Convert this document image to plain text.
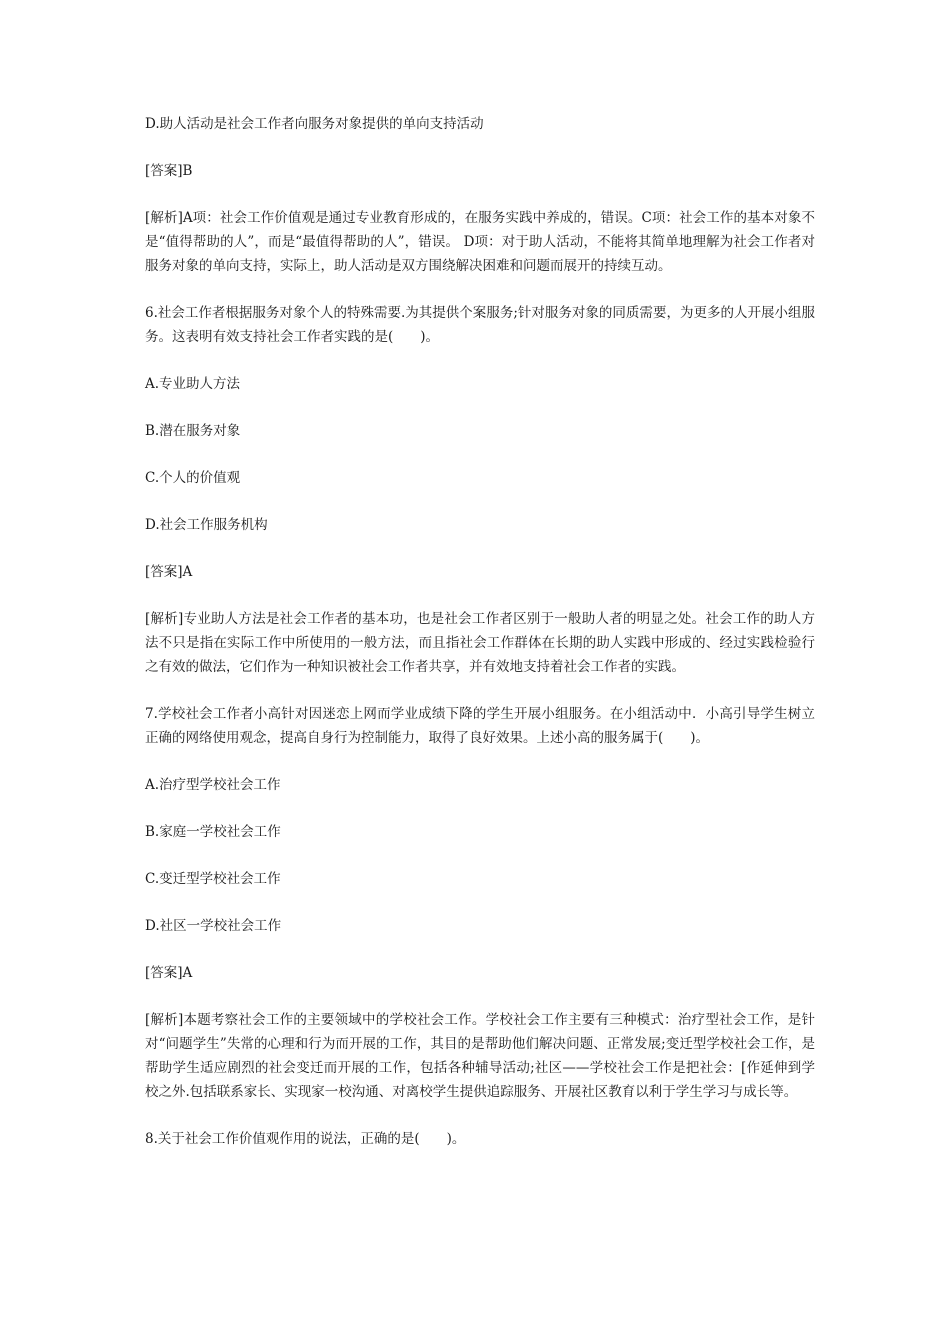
D.助人活动是社会工作者向服务对象提供的单向支持活动

[答案]B

[解析]A项：社会工作价值观是通过专业教育形成的，在服务实践中养成的，错误。C项：社会工作的基本对象不是“值得帮助的人”，而是“最值得帮助的人”，错误。 D项：对于助人活动，不能将其简单地理解为社会工作者对服务对象的单向支持，实际上，助人活动是双方围绕解决困难和问题而展开的持续互动。

6.社会工作者根据服务对象个人的特殊需要.为其提供个案服务;针对服务对象的同质需要，为更多的人开展小组服务。这表明有效支持社会工作者实践的是(　　)。

A.专业助人方法

B.潜在服务对象

C.个人的价值观

D.社会工作服务机构

[答案]A

[解析]专业助人方法是社会工作者的基本功，也是社会工作者区别于一般助人者的明显之处。社会工作的助人方法不只是指在实际工作中所使用的一般方法，而且指社会工作群体在长期的助人实践中形成的、经过实践检验行之有效的做法，它们作为一种知识被社会工作者共享，并有效地支持着社会工作者的实践。

7.学校社会工作者小高针对因迷恋上网而学业成绩下降的学生开展小组服务。在小组活动中．小高引导学生树立正确的网络使用观念，提高自身行为控制能力，取得了良好效果。上述小高的服务属于(　　)。

A.治疗型学校社会工作

B.家庭一学校社会工作

C.变迁型学校社会工作

D.社区一学校社会工作

[答案]A

[解析]本题考察社会工作的主要领域中的学校社会工作。学校社会工作主要有三种模式：治疗型社会工作，是针对“问题学生”失常的心理和行为而开展的工作，其目的是帮助他们解决问题、正常发展;变迁型学校社会工作，是帮助学生适应剧烈的社会变迁而开展的工作，包括各种辅导活动;社区——学校社会工作是把社会：[作延伸到学校之外.包括联系家长、实现家一校沟通、对离校学生提供追踪服务、开展社区教育以利于学生学习与成长等。

8.关于社会工作价值观作用的说法，正确的是(　　)。
